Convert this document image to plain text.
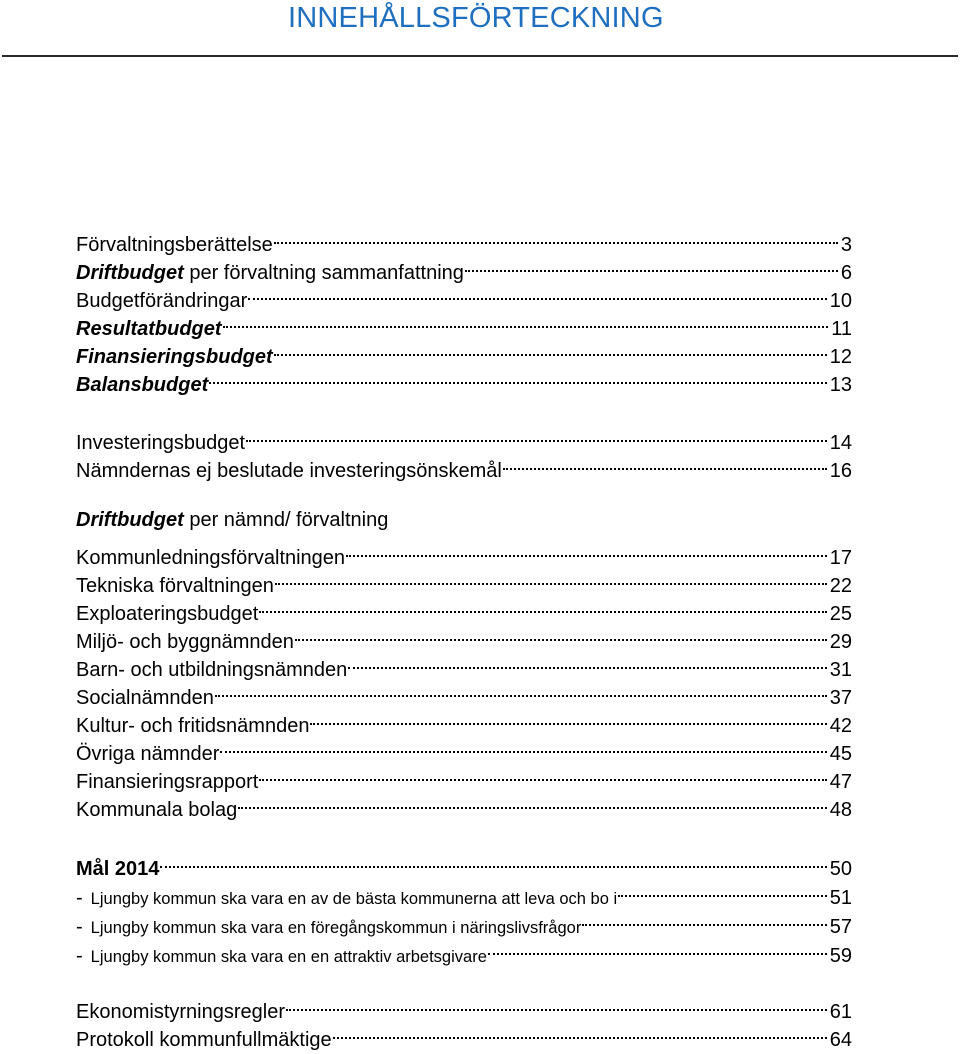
INNEHÅLLSFÖRTECKNING
Förvaltningsberättelse	3
Driftbudget per förvaltning sammanfattning	6
Budgetförändringar	10
Resultatbudget	11
Finansieringsbudget	12
Balansbudget	13
Investeringsbudget	14
Nämndernas ej beslutade investeringsönskemål	16
Driftbudget per nämnd/ förvaltning
Kommunledningsförvaltningen	17
Tekniska förvaltningen	22
Exploateringsbudget	25
Miljö- och byggnämnden	29
Barn- och utbildningsnämnden	31
Socialnämnden	37
Kultur- och fritidsnämnden	42
Övriga nämnder	45
Finansieringsrapport	47
Kommunala bolag	48
Mål 2014	50
- Ljungby kommun ska vara en av de bästa kommunerna att leva och bo i	51
- Ljungby kommun ska vara en föregångskommun i näringslivsfrågor	57
- Ljungby kommun ska vara en en attraktiv arbetsgivare	59
Ekonomistyrningsregler	61
Protokoll kommunfullmäktige	64
